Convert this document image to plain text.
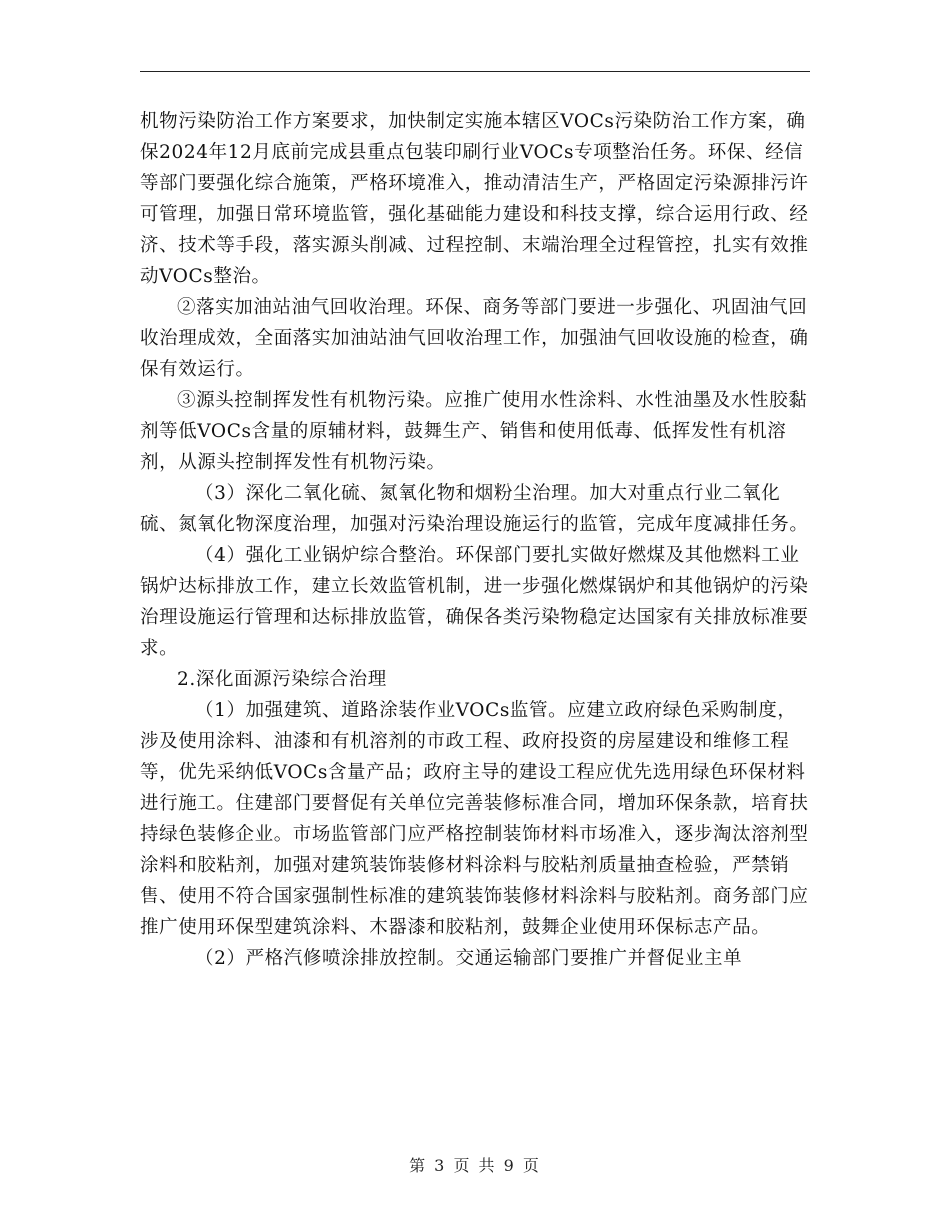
机物污染防治工作方案要求，加快制定实施本辖区VOCs污染防治工作方案，确保2024年12月底前完成县重点包装印刷行业VOCs专项整治任务。环保、经信等部门要强化综合施策，严格环境准入，推动清洁生产，严格固定污染源排污许可管理，加强日常环境监管，强化基础能力建设和科技支撑，综合运用行政、经济、技术等手段，落实源头削减、过程控制、末端治理全过程管控，扎实有效推动VOCs整治。

②落实加油站油气回收治理。环保、商务等部门要进一步强化、巩固油气回收治理成效，全面落实加油站油气回收治理工作，加强油气回收设施的检查，确保有效运行。

③源头控制挥发性有机物污染。应推广使用水性涂料、水性油墨及水性胶黏剂等低VOCs含量的原辅材料，鼓舞生产、销售和使用低毒、低挥发性有机溶剂，从源头控制挥发性有机物污染。

（3）深化二氧化硫、氮氧化物和烟粉尘治理。加大对重点行业二氧化硫、氮氧化物深度治理，加强对污染治理设施运行的监管，完成年度减排任务。

（4）强化工业锅炉综合整治。环保部门要扎实做好燃煤及其他燃料工业锅炉达标排放工作，建立长效监管机制，进一步强化燃煤锅炉和其他锅炉的污染治理设施运行管理和达标排放监管，确保各类污染物稳定达国家有关排放标准要求。

2.深化面源污染综合治理

（1）加强建筑、道路涂装作业VOCs监管。应建立政府绿色采购制度，涉及使用涂料、油漆和有机溶剂的市政工程、政府投资的房屋建设和维修工程等，优先采纳低VOCs含量产品；政府主导的建设工程应优先选用绿色环保材料进行施工。住建部门要督促有关单位完善装修标准合同，增加环保条款，培育扶持绿色装修企业。市场监管部门应严格控制装饰材料市场准入，逐步淘汰溶剂型涂料和胶粘剂，加强对建筑装饰装修材料涂料与胶粘剂质量抽查检验，严禁销售、使用不符合国家强制性标准的建筑装饰装修材料涂料与胶粘剂。商务部门应推广使用环保型建筑涂料、木器漆和胶粘剂，鼓舞企业使用环保标志产品。

（2）严格汽修喷涂排放控制。交通运输部门要推广并督促业主单

第 3 页 共 9 页
